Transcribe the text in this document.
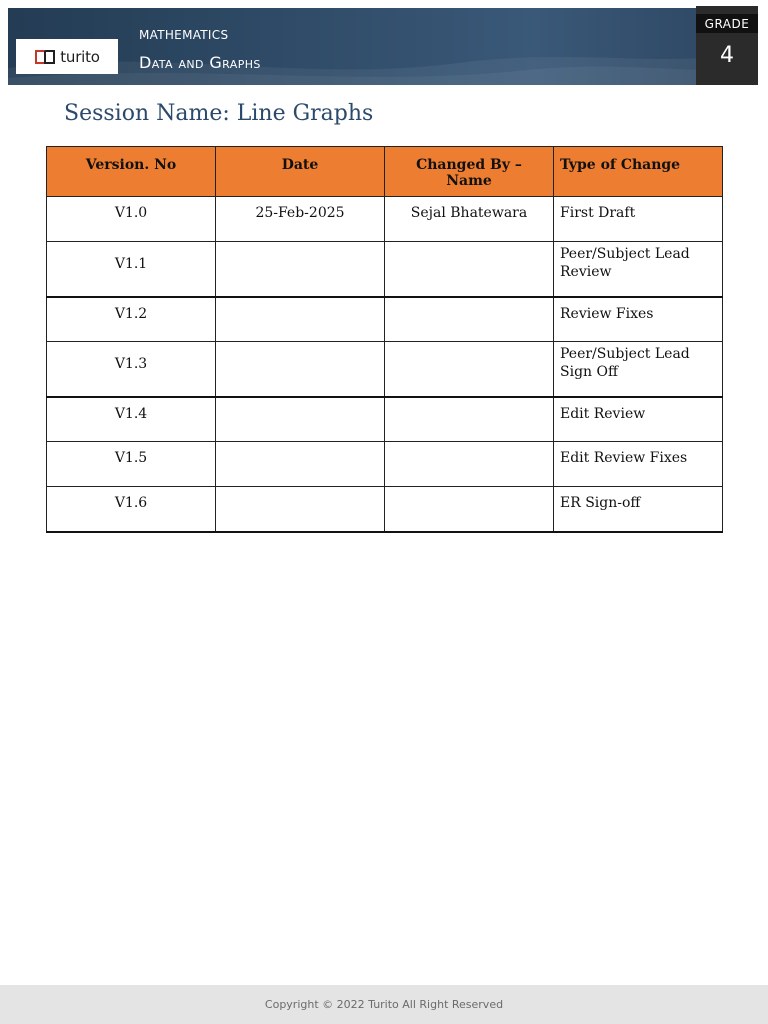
turito
MATHEMATICS
Data and Graphs
GRADE
4
Session Name: Line Graphs
Version. No	Date	Changed By – Name	Type of Change
V1.0	25-Feb-2025	Sejal Bhatewara	First Draft
V1.1			Peer/Subject Lead Review
V1.2			Review Fixes
V1.3			Peer/Subject Lead Sign Off
V1.4			Edit Review
V1.5			Edit Review Fixes
V1.6			ER Sign-off
Copyright © 2022 Turito All Right Reserved
